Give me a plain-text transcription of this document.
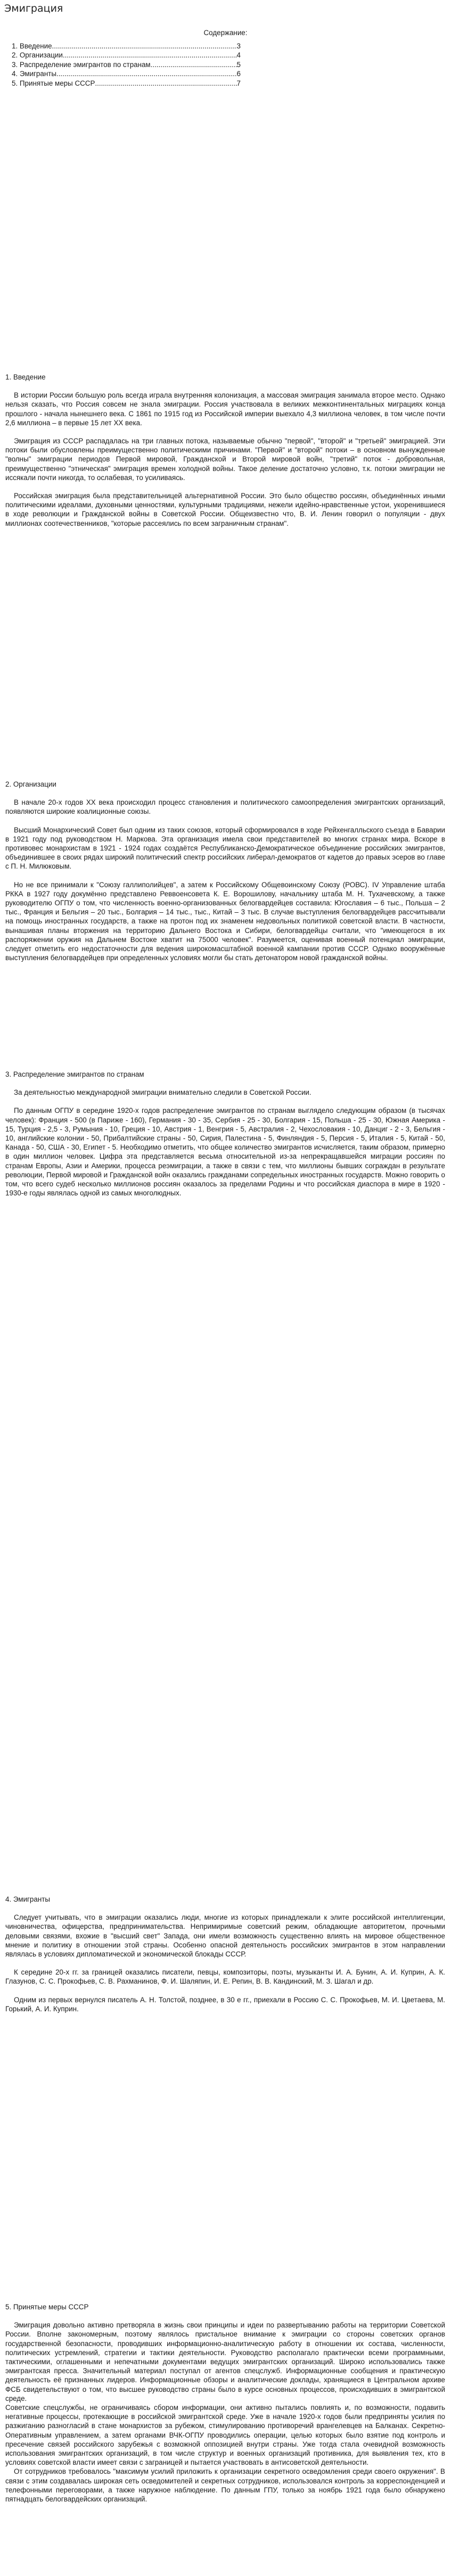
Эмиграция
Содержание:
1. Введение .....	3
2. Организации .....	4
3. Распределение эмигрантов по странам .....	5
4. Эмигранты .....	6
5. Принятые меры СССР .....	7
1. Введение

В истории России большую роль всегда играла внутренняя колонизация, а массовая эмиграция занимала второе место. Однако нельзя сказать, что Россия совсем не знала эмиграции. Россия участвовала в великих межконтинентальных миграциях конца прошлого - начала нынешнего века. С 1861 по 1915 год из Российской империи выехало 4,3 миллиона человек, в том числе почти 2,6 миллиона – в первые 15 лет XX века.

Эмиграция из СССР распадалась на три главных потока, называемые обычно "первой", "второй" и "третьей" эмиграцией. Эти потоки были обусловлены преимущественно политическими причинами. "Первой" и "второй" потоки – в основном вынужденные "волны" эмиграции периодов Первой мировой, Гражданской и Второй мировой войн, "третий" поток - добровольная, преимущественно "этническая" эмиграция времен холодной войны. Такое деление достаточно условно, т.к. потоки эмиграции не иссякали почти никогда, то ослабевая, то усиливаясь.

Российская эмиграция была представительницей альтернативной России. Это было общество россиян, объединённых иными политическими идеалами, духовными ценностями, культурными традициями, нежели идейно-нравственные устои, укоренившиеся в ходе революции и Гражданской войны в Советской России. Общеизвестно что, В. И. Ленин говорил о популяции - двух миллионах соотечественников, "которые рассеялись по всем заграничным странам".

2. Организации

В начале 20-х годов XX века происходил процесс становления и политического самоопределения эмигрантских организаций, появляются широкие коалиционные союзы.

Высший Монархический Совет был одним из таких союзов, который сформировался в ходе Рейхенгалльского съезда в Баварии в 1921 году под руководством Н. Маркова. Эта организация имела свои представителей во многих странах мира. Вскоре в противовес монархистам в 1921 - 1924 годах создаётся Республиканско-Демократическое объединение российских эмигрантов, объединившее в своих рядах широкий политический спектр российских либерал-демократов от кадетов до правых эсеров во главе с П. Н. Милюковым.

Но не все принимали к "Союзу галлиполийцев", а затем к Российскому Общевоинскому Союзу (РОВС). IV Управление штаба РККА в 1927 году докумённо представлено Реввоенсовета К. Е. Ворошилову, начальнику штаба М. Н. Тухачевскому, а также руководителю ОГПУ о том, что численность военно-организованных белогвардейцев составила: Югославия – 6 тыс., Польша – 2 тыс., Франция и Бельгия – 20 тыс., Болгария – 14 тыс., тыс., Китай – 3 тыс. В случае выступления белогвардейцев рассчитывали на помощь иностранных государств, а также на протон под их знаменем недовольных политикой советской власти. В частности, вынашивая планы вторжения на территорию Дальнего Востока и Сибири, белогвардейцы считали, что "имеющегося в их распоряжении оружия на Дальнем Востоке хватит на 75000 человек". Разумеется, оценивая военный потенциал эмиграции, следует отметить его недостаточности для ведения широкомасштабной военной кампании против СССР. Однако вооружённые выступления белогвардейцев при определенных условиях могли бы стать детонатором новой гражданской войны.

3. Распределение эмигрантов по странам

За деятельностью международной эмиграции внимательно следили в Советской России.

По данным ОГПУ в середине 1920-х годов распределение эмигрантов по странам выглядело следующим образом (в тысячах человек): Франция - 500 (в Париже - 160), Германия - 30 - 35, Сербия - 25 - 30, Болгария - 15, Польша - 25 - 30, Южная Америка - 15, Турция - 2,5 - 3, Румыния - 10, Греция - 10, Австрия - 1, Венгрия - 5, Австралия - 2, Чехословакия - 10, Данциг - 2 - 3, Бельгия - 10, английские колонии - 50, Прибалтийские страны - 50, Сирия, Палестина - 5, Финляндия - 5, Персия - 5, Италия - 5, Китай - 50, Канада - 50, США - 30, Египет - 5. Необходимо отметить, что общее количество эмигрантов исчисляется, таким образом, примерно в один миллион человек. Цифра эта представляется весьма относительной из-за непрекращавшейся миграции россиян по странам Европы, Азии и Америки, процесса реэмиграции, а также в связи с тем, что миллионы бывших сограждан в результате революции, Первой мировой и Гражданской войн оказались гражданами сопредельных иностранных государств. Можно говорить о том, что всего судеб несколько миллионов россиян оказалось за пределами Родины и что российская диаспора в мире в 1920 - 1930-е годы являлась одной из самых многолюдных.

4. Эмигранты

Следует учитывать, что в эмиграции оказались люди, многие из которых принадлежали к элите российской интеллигенции, чиновничества, офицерства, предпринимательства. Непримиримые советский режим, обладающие авторитетом, прочными деловыми связями, вхожие в "высший свет" Запада, они имели возможность существенно влиять на мировое общественное мнение и политику в отношении этой страны. Особенно опасной деятельность российских эмигрантов в этом направлении являлась в условиях дипломатической и экономической блокады СССР.

К середине 20-х гг. за границей оказались писатели, певцы, композиторы, поэты, музыканты И. А. Бунин, А. И. Куприн, А. К. Глазунов, С. С. Прокофьев, С. В. Рахманинов, Ф. И. Шаляпин, И. Е. Репин, В. В. Кандинский, М. З. Шагал и др.

Одним из первых вернулся писатель А. Н. Толстой, позднее, в 30 е гг., приехали в Россию С. С. Прокофьев, М. И. Цветаева, М. Горький, А. И. Куприн.

5. Принятые меры СССР

Эмиграция довольно активно претворяла в жизнь свои принципы и идеи по развертыванию работы на территории Советской России. Вполне закономерным, поэтому являлось пристальное внимание к эмиграции со стороны советских органов государственной безопасности, проводивших информационно-аналитическую работу в отношении их состава, численности, политических устремлений, стратегии и тактики деятельности. Руководство располагало практически всеми программными, тактическими, оглашенными и непечатными документами ведущих эмигрантских организаций. Широко использовались также эмигрантская пресса. Значительный материал поступал от агентов спецслужб. Информационные сообщения и практическую деятельность её признанных лидеров. Информационные обзоры и аналитические доклады, хранящиеся в Центральном архиве ФСБ свидетельствуют о том, что высшее руководство страны было в курсе основных процессов, происходивших в эмигрантской среде.

Советские спецслужбы, не ограничиваясь сбором информации, они активно пытались повлиять и, по возможности, подавить негативные процессы, протекающие в российской эмигрантской среде. Уже в начале 1920-х годов были предприняты усилия по разжиганию разногласий в стане монархистов за рубежом, стимулированию противоречий врангелевцев на Балканах. Секретно-Оперативным управлением, а затем органами ВЧК-ОГПУ проводились операции, целью которых было взятие под контроль и пресечение связей российского зарубежья с возможной оппозицией внутри страны. Уже тогда стала очевидной возможность использования эмигрантских организаций, в том числе структур и военных организаций противника, для выявления тех, кто в условиях советской власти имеет связи с заграницей и пытается участвовать в антисоветской деятельности.

От сотрудников требовалось "максимум усилий приложить к организации секретного осведомления среди своего окружения". В связи с этим создавалась широкая сеть осведомителей и секретных сотрудников, использовался контроль за корреспонденцией и телефонными переговорами, а также наружное наблюдение. По данным ГПУ, только за ноябрь 1921 года было обнаружено пятнадцать белогвардейских организаций.
